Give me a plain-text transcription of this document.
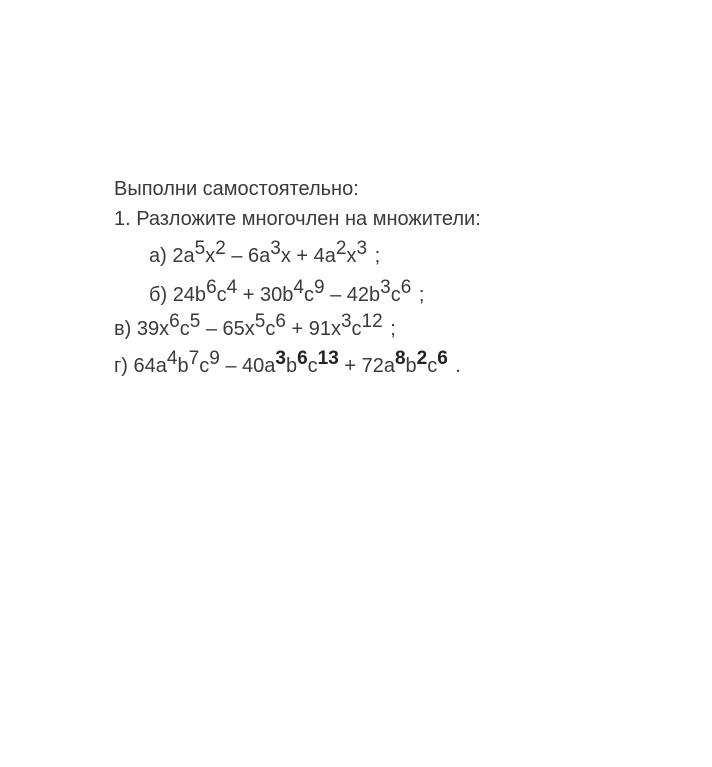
Выполни самостоятельно:
1. Разложите многочлен на множители:
а) $2a^5x^2 - 6a^3x + 4a^2x^3$ ;
б) $24b^6c^4 + 30b^4c^9 - 42b^3c^6$ ;
в) $39x^6c^5 - 65x^5c^6 + 91x^3c^{12}$ ;
г) $64a^4b^7c^9 - 40a^3b^6c^{13} + 72a^8b^2c^6$ .
